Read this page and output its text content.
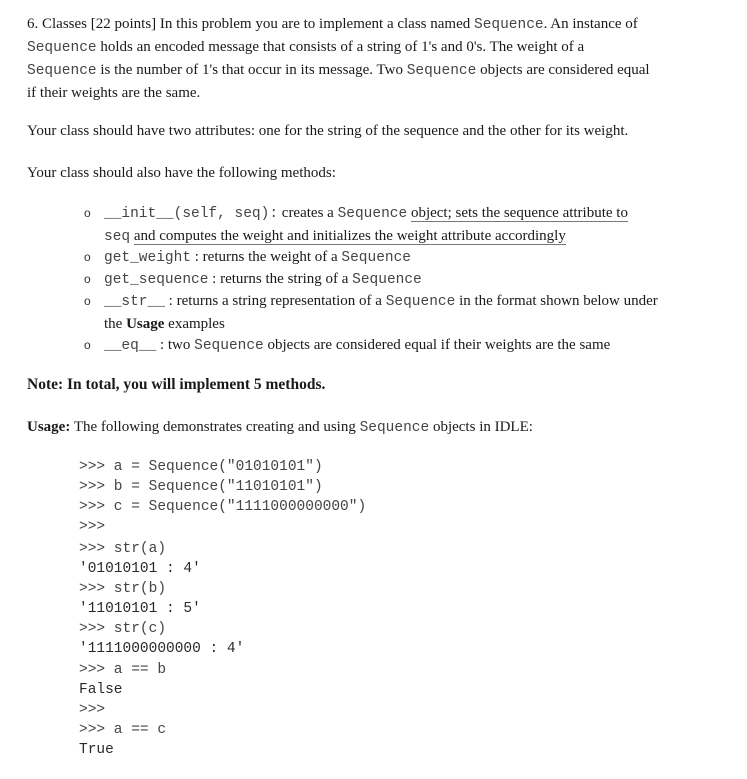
6. Classes [22 points] In this problem you are to implement a class named Sequence. An instance of
Sequence holds an encoded message that consists of a string of 1's and 0's. The weight of a
Sequence is the number of 1's that occur in its message. Two Sequence objects are considered equal
if their weights are the same.
Your class should have two attributes: one for the string of the sequence and the other for its weight.
Your class should also have the following methods:
o __init__(self, seq): creates a Sequence object; sets the sequence attribute to
seq and computes the weight and initializes the weight attribute accordingly
o get_weight : returns the weight of a Sequence
o get_sequence : returns the string of a Sequence
o __str__ : returns a string representation of a Sequence in the format shown below under
the Usage examples
o __eq__ : two Sequence objects are considered equal if their weights are the same
Note: In total, you will implement 5 methods.
Usage: The following demonstrates creating and using Sequence objects in IDLE:
>>> a = Sequence("01010101")
>>> b = Sequence("11010101")
>>> c = Sequence("1111000000000")
>>>
>>> str(a)
'01010101 : 4'
>>> str(b)
'11010101 : 5'
>>> str(c)
'1111000000000 : 4'
>>> a == b
False
>>>
>>> a == c
True
